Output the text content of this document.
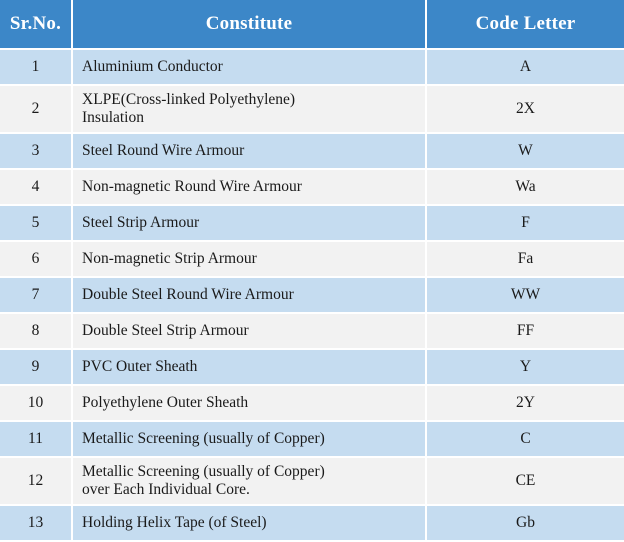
Sr.No.	Constitute	Code Letter
1	Aluminium Conductor	A
2	XLPE(Cross-linked Polyethylene)
Insulation	2X
3	Steel Round Wire Armour	W
4	Non-magnetic Round Wire Armour	Wa
5	Steel Strip Armour	F
6	Non-magnetic Strip Armour	Fa
7	Double Steel Round Wire Armour	WW
8	Double Steel Strip Armour	FF
9	PVC Outer Sheath	Y
10	Polyethylene Outer Sheath	2Y
11	Metallic Screening (usually of Copper)	C
12	Metallic Screening (usually of Copper)
over Each Individual Core.	CE
13	Holding Helix Tape (of Steel)	Gb
